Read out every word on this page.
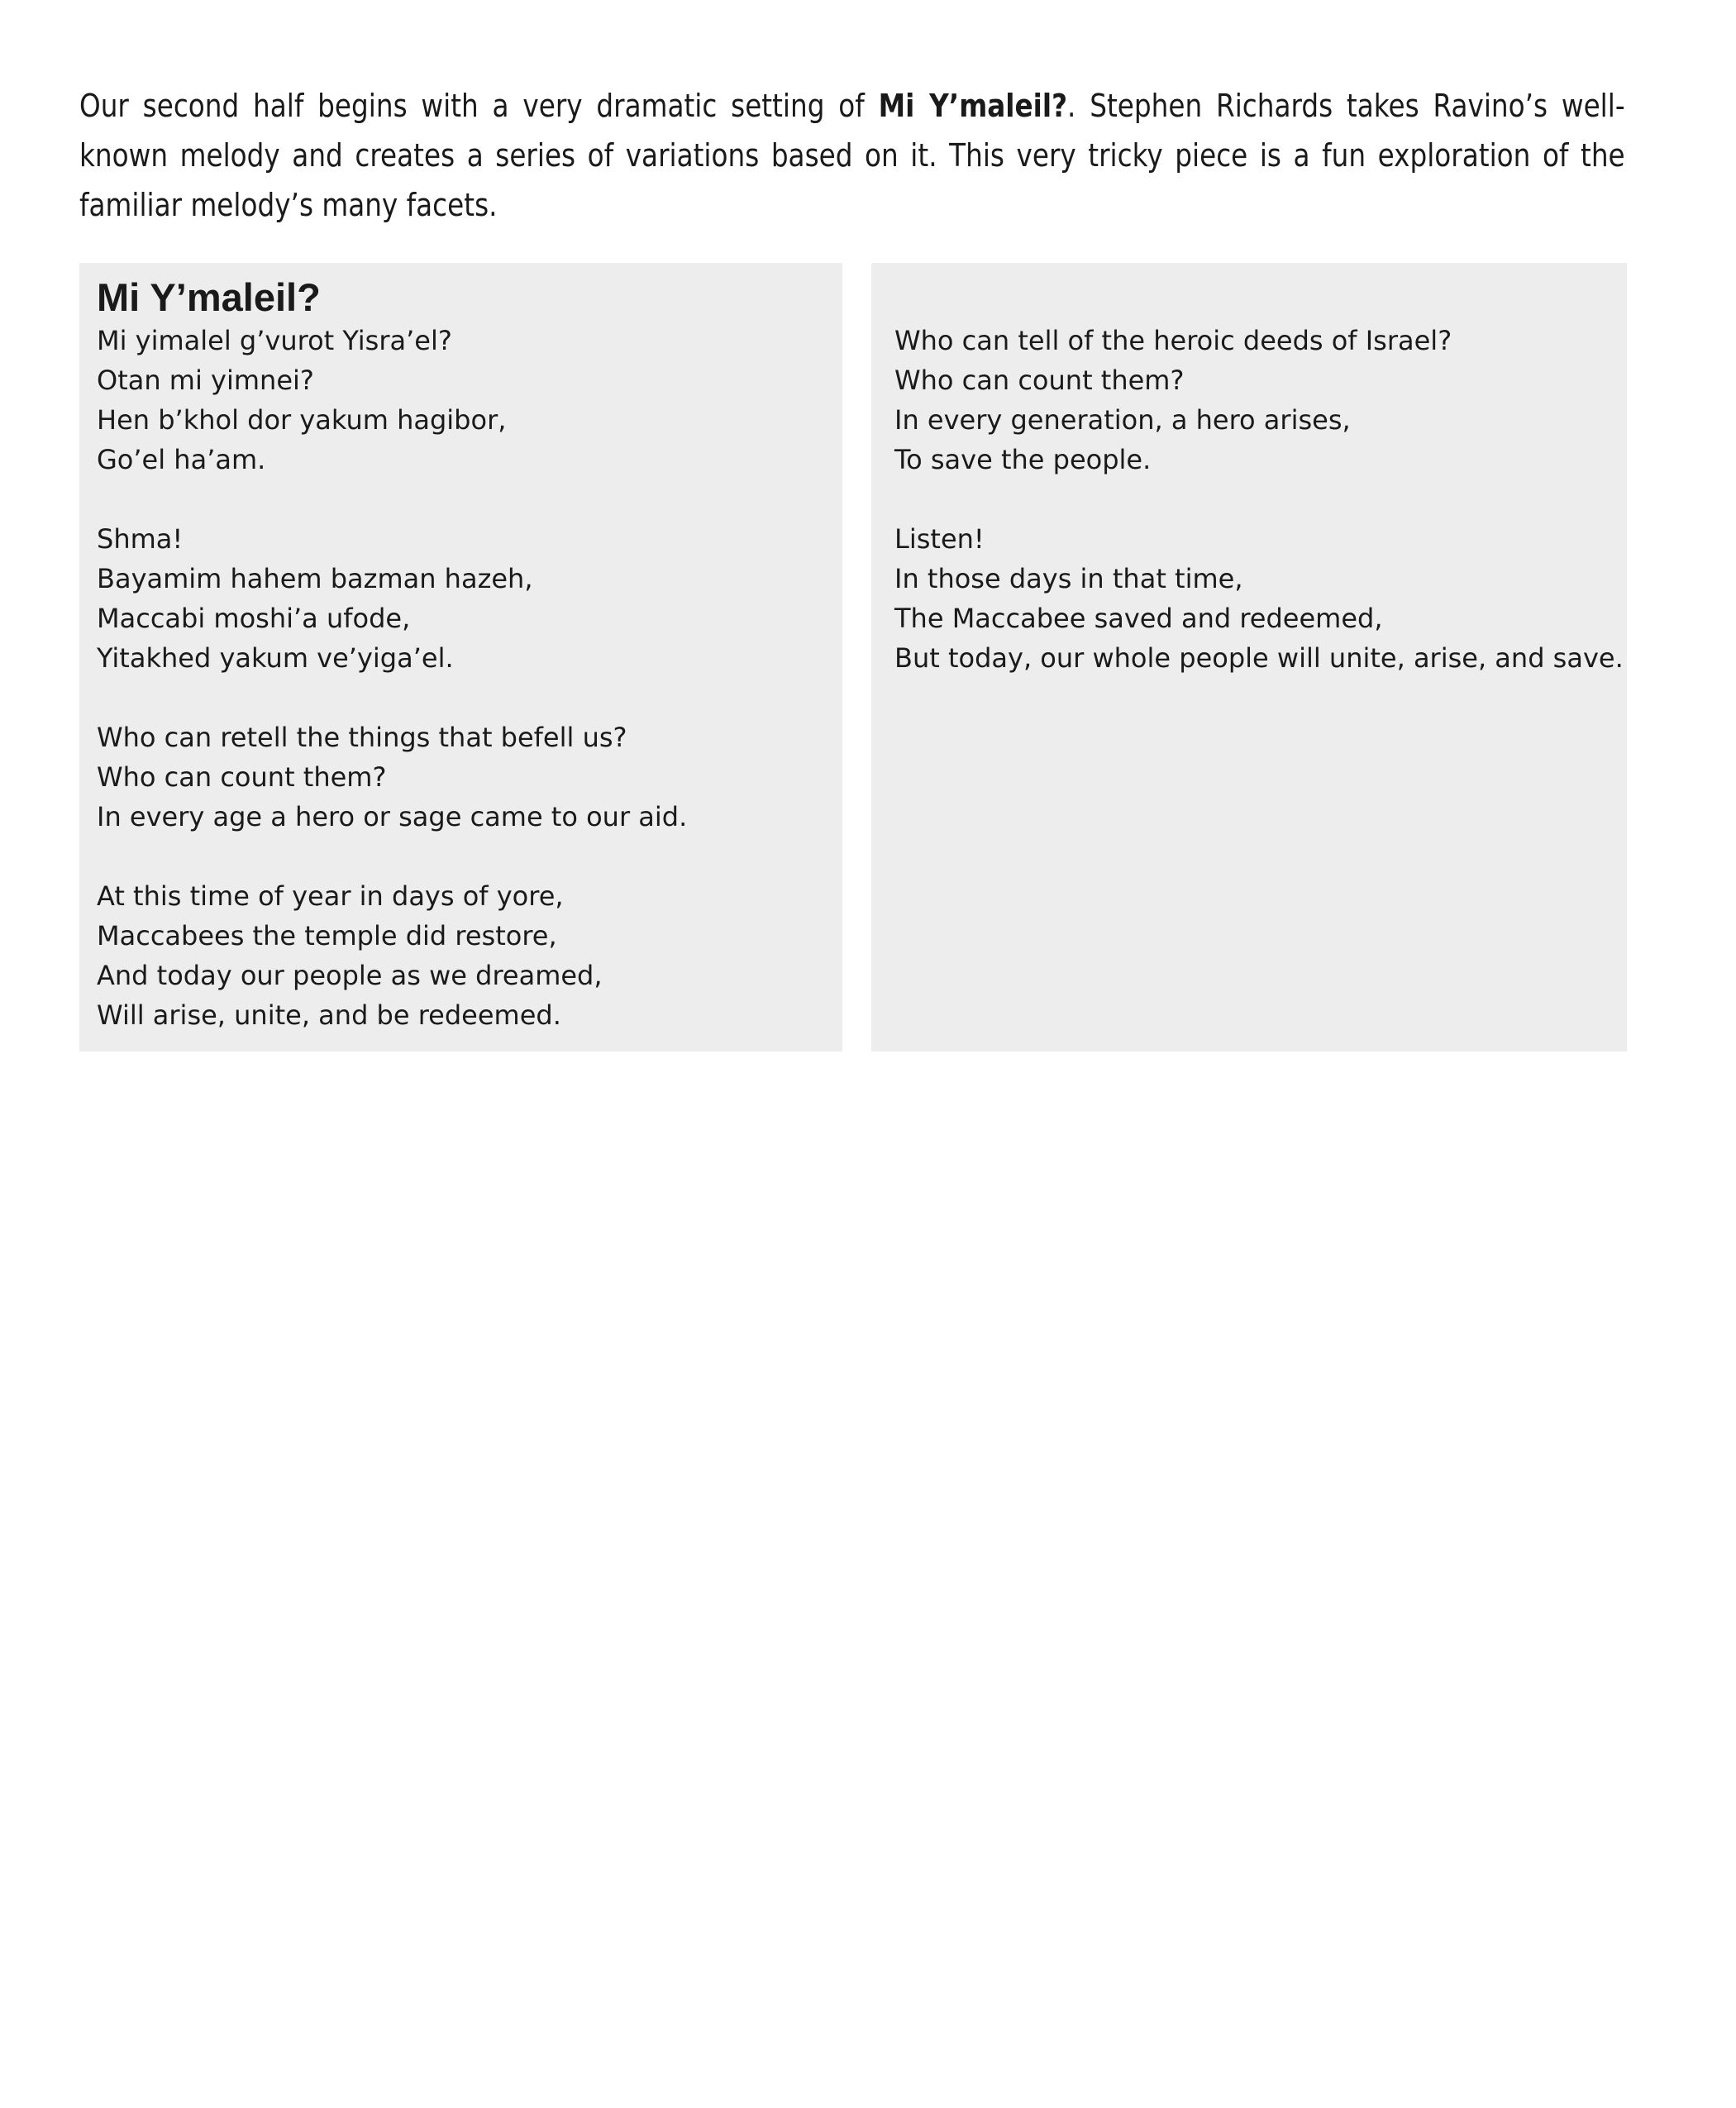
Our second half begins with a very dramatic setting of Mi Y’maleil?. Stephen Richards takes Ravino’s well-known melody and creates a series of variations based on it. This very tricky piece is a fun exploration of the familiar melody’s many facets.

Mi Y’maleil?
Mi yimalel g’vurot Yisra’el?
Otan mi yimnei?
Hen b’khol dor yakum hagibor,
Go’el ha’am.
Shma!
Bayamim hahem bazman hazeh,
Maccabi moshi’a ufode,
Yitakhed yakum ve’yiga’el.
Who can retell the things that befell us?
Who can count them?
In every age a hero or sage came to our aid.
At this time of year in days of yore,
Maccabees the temple did restore,
And today our people as we dreamed,
Will arise, unite, and be redeemed.
Who can tell of the heroic deeds of Israel?
Who can count them?
In every generation, a hero arises,
To save the people.
Listen!
In those days in that time,
The Maccabee saved and redeemed,
But today, our whole people will unite, arise, and save.
